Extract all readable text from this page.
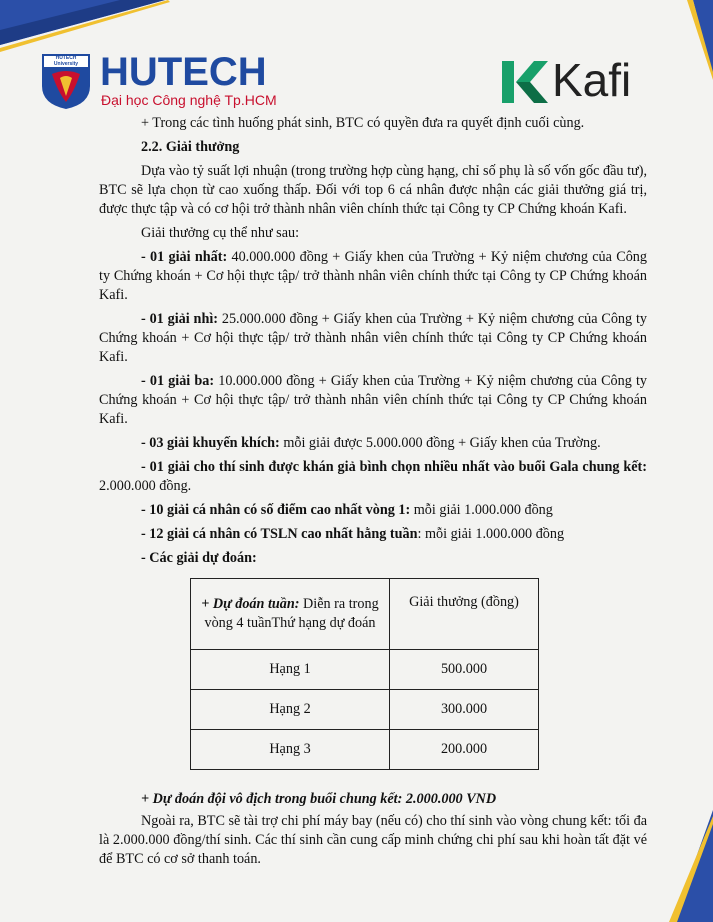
HUTECH University HUTECH
Đại học Công nghệ Tp.HCM	Kafi

+ Trong các tình huống phát sinh, BTC có quyền đưa ra quyết định cuối cùng.

2.2. Giải thưởng

Dựa vào tỷ suất lợi nhuận (trong trường hợp cùng hạng, chỉ số phụ là số vốn gốc đầu tư), BTC sẽ lựa chọn từ cao xuống thấp. Đối với top 6 cá nhân được nhận các giải thưởng giá trị, được thực tập và có cơ hội trở thành nhân viên chính thức tại Công ty CP Chứng khoán Kafi.

Giải thưởng cụ thể như sau:

- 01 giải nhất: 40.000.000 đồng + Giấy khen của Trường + Kỷ niệm chương của Công ty Chứng khoán + Cơ hội thực tập/ trở thành nhân viên chính thức tại Công ty CP Chứng khoán Kafi.

- 01 giải nhì: 25.000.000 đồng + Giấy khen của Trường + Kỷ niệm chương của Công ty Chứng khoán + Cơ hội thực tập/ trở thành nhân viên chính thức tại Công ty CP Chứng khoán Kafi.

- 01 giải ba: 10.000.000 đồng + Giấy khen của Trường + Kỷ niệm chương của Công ty Chứng khoán + Cơ hội thực tập/ trở thành nhân viên chính thức tại Công ty CP Chứng khoán Kafi.

- 03 giải khuyến khích: mỗi giải được 5.000.000 đồng + Giấy khen của Trường.

- 01 giải cho thí sinh được khán giả bình chọn nhiều nhất vào buổi Gala chung kết: 2.000.000 đồng.

- 10 giải cá nhân có số điểm cao nhất vòng 1: mỗi giải 1.000.000 đồng

- 12 giải cá nhân có TSLN cao nhất hằng tuần: mỗi giải 1.000.000 đồng

- Các giải dự đoán:

+ Dự đoán tuần: Diễn ra trong vòng 4 tuầnThứ hạng dự đoán	Giải thưởng (đồng)
Hạng 1	500.000
Hạng 2	300.000
Hạng 3	200.000

+ Dự đoán đội vô địch trong buổi chung kết: 2.000.000 VND

Ngoài ra, BTC sẽ tài trợ chi phí máy bay (nếu có) cho thí sinh vào vòng chung kết: tối đa là 2.000.000 đồng/thí sinh. Các thí sinh cần cung cấp minh chứng chi phí sau khi hoàn tất đặt vé để BTC có cơ sở thanh toán.
